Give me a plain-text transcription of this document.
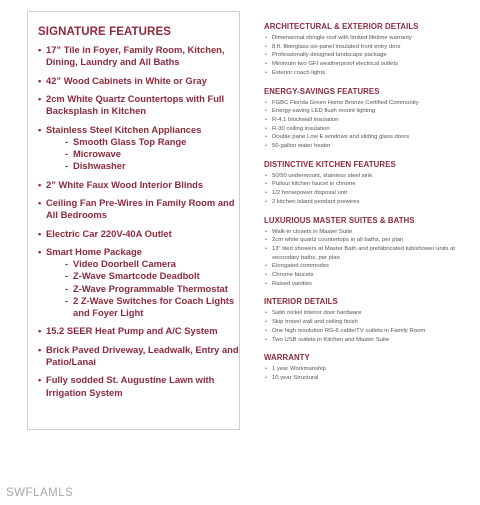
SIGNATURE FEATURES
• 17” Tile in Foyer, Family Room, Kitchen, Dining, Laundry and All Baths
• 42” Wood Cabinets in White or Gray
• 2cm White Quartz Countertops with Full Backsplash in Kitchen
• Stainless Steel Kitchen Appliances
- Smooth Glass Top Range
- Microwave
- Dishwasher
• 2” White Faux Wood Interior Blinds
• Ceiling Fan Pre-Wires in Family Room and All Bedrooms
• Electric Car 220V-40A Outlet
• Smart Home Package
- Video Doorbell Camera
- Z-Wave Smartcode Deadbolt
- Z-Wave Programmable Thermostat
- 2 Z-Wave Switches for Coach Lights and Foyer Light
• 15.2 SEER Heat Pump and A/C System
• Brick Paved Driveway, Leadwalk, Entry and Patio/Lanai
• Fully sodded St. Augustine Lawn with Irrigation System
ARCHITECTURAL & EXTERIOR DETAILS
• Dimensional shingle roof with limited lifetime warranty
• 8 ft. fiberglass six-panel insulated front entry door
• Professionally designed landscape package
• Minimum two GFI weatherproof electrical outlets
• Exterior coach lights
ENERGY-SAVINGS FEATURES
• FGBC Florida Green Home Bronze Certified Community
• Energy-saving LED flush mount lighting
• R-4.1 blockwall insulation
• R-30 ceiling insulation
• Double pane Low E windows and sliding glass doors
• 50-gallon water heater
DISTINCTIVE KITCHEN FEATURES
• 50/50 undermount, stainless steel sink
• Pullout kitchen faucet in chrome
• 1/2 horsepower disposal unit
• 2 kitchen island pendant prewires
LUXURIOUS MASTER SUITES & BATHS
• Walk-in closets in Master Suite
• 2cm white quartz countertops in all baths, per plan
• 13” tiled showers at Master Bath and prefabricated tub/shower units at secondary baths, per plan
• Elongated commodes
• Chrome faucets
• Raised vanities
INTERIOR DETAILS
• Satin nickel interior door hardware
• Skip trowel wall and ceiling finish
• One high resolution RG-6 cable/TV outlets in Family Room
• Two USB outlets in Kitchen and Master Suite
WARRANTY
• 1 year Workmanship
• 10 year Structural
SWFLAMLS
